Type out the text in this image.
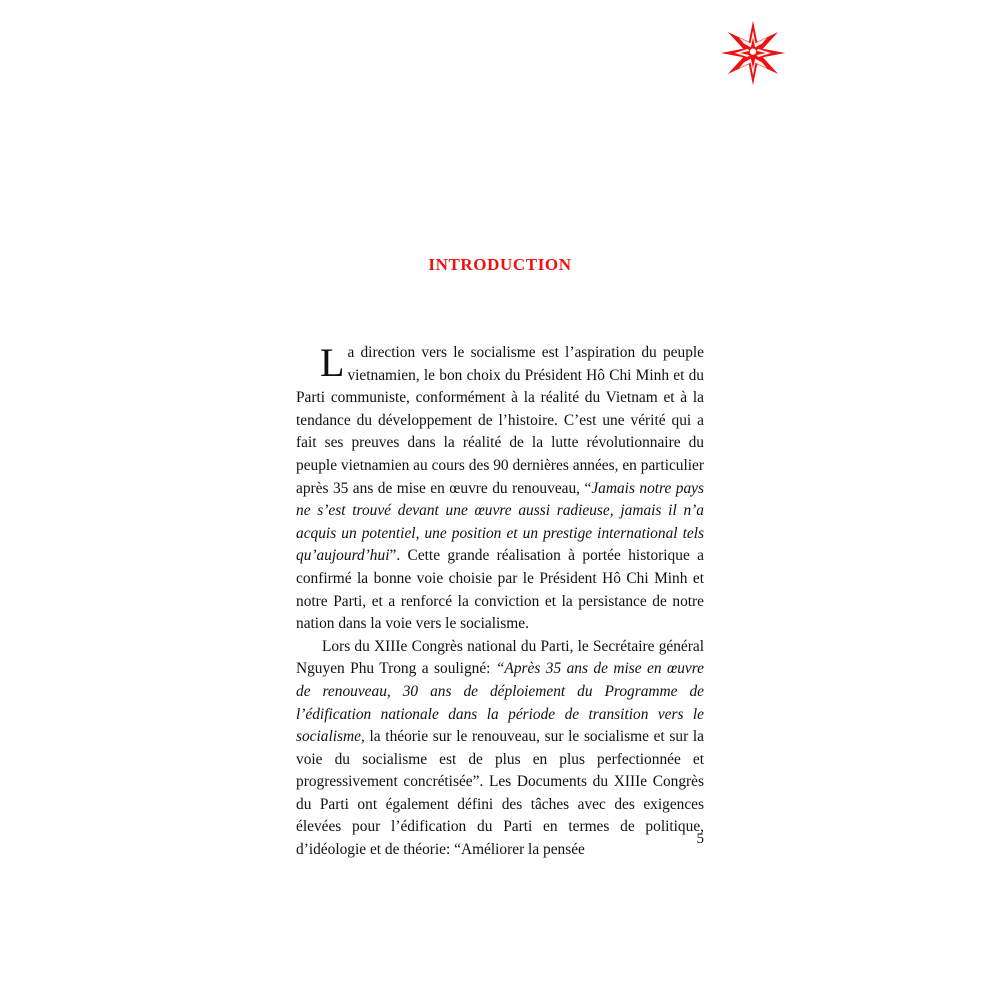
INTRODUCTION

La direction vers le socialisme est l’aspiration du peuple vietnamien, le bon choix du Président Hô Chi Minh et du Parti communiste, conformément à la réalité du Vietnam et à la tendance du développement de l’histoire. C’est une vérité qui a fait ses preuves dans la réalité de la lutte révolutionnaire du peuple vietnamien au cours des 90 dernières années, en particulier après 35 ans de mise en œuvre du renouveau, “Jamais notre pays ne s’est trouvé devant une œuvre aussi radieuse, jamais il n’a acquis un potentiel, une position et un prestige international tels qu’aujourd’hui”. Cette grande réalisation à portée historique a confirmé la bonne voie choisie par le Président Hô Chi Minh et notre Parti, et a renforcé la conviction et la persistance de notre nation dans la voie vers le socialisme.

Lors du XIIIe Congrès national du Parti, le Secrétaire général Nguyen Phu Trong a souligné: “Après 35 ans de mise en œuvre de renouveau, 30 ans de déploiement du Programme de l’édification nationale dans la période de transition vers le socialisme, la théorie sur le renouveau, sur le socialisme et sur la voie du socialisme est de plus en plus perfectionnée et progressivement concrétisée”. Les Documents du XIIIe Congrès du Parti ont également défini des tâches avec des exigences élevées pour l’édification du Parti en termes de politique, d’idéologie et de théorie: “Améliorer la pensée

5
